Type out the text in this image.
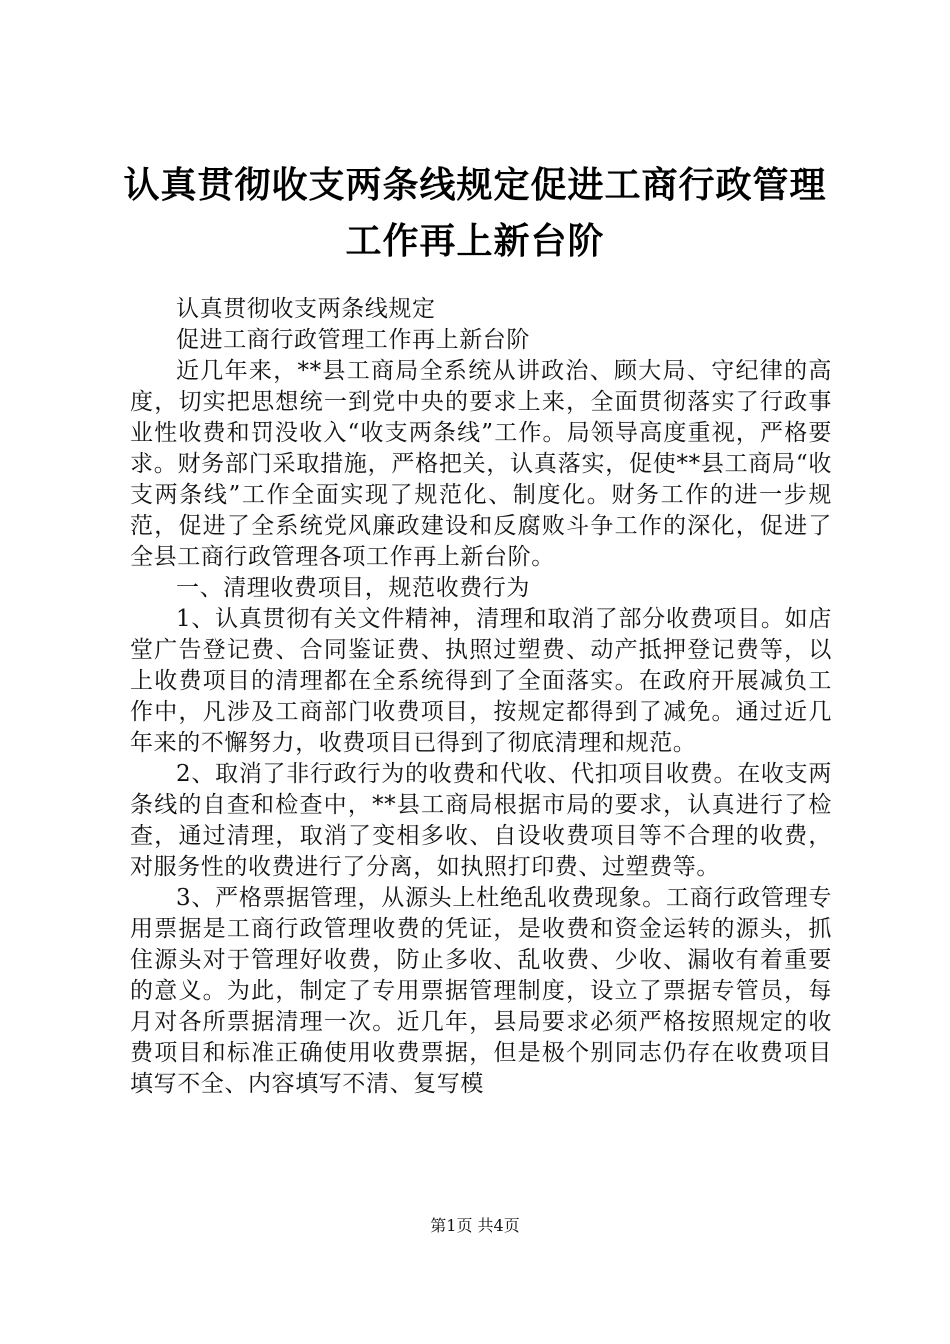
认真贯彻收支两条线规定促进工商行政管理工作再上新台阶

认真贯彻收支两条线规定

促进工商行政管理工作再上新台阶

近几年来，**县工商局全系统从讲政治、顾大局、守纪律的高度，切实把思想统一到党中央的要求上来，全面贯彻落实了行政事业性收费和罚没收入“收支两条线”工作。局领导高度重视，严格要求。财务部门采取措施，严格把关，认真落实，促使**县工商局“收支两条线”工作全面实现了规范化、制度化。财务工作的进一步规范，促进了全系统党风廉政建设和反腐败斗争工作的深化，促进了全县工商行政管理各项工作再上新台阶。

一、清理收费项目，规范收费行为

1、认真贯彻有关文件精神，清理和取消了部分收费项目。如店堂广告登记费、合同鉴证费、执照过塑费、动产抵押登记费等，以上收费项目的清理都在全系统得到了全面落实。在政府开展减负工作中，凡涉及工商部门收费项目，按规定都得到了减免。通过近几年来的不懈努力，收费项目已得到了彻底清理和规范。

2、取消了非行政行为的收费和代收、代扣项目收费。在收支两条线的自查和检查中，**县工商局根据市局的要求，认真进行了检查，通过清理，取消了变相多收、自设收费项目等不合理的收费，对服务性的收费进行了分离，如执照打印费、过塑费等。

3、严格票据管理，从源头上杜绝乱收费现象。工商行政管理专用票据是工商行政管理收费的凭证，是收费和资金运转的源头，抓住源头对于管理好收费，防止多收、乱收费、少收、漏收有着重要的意义。为此，制定了专用票据管理制度，设立了票据专管员，每月对各所票据清理一次。近几年，县局要求必须严格按照规定的收费项目和标准正确使用收费票据，但是极个别同志仍存在收费项目填写不全、内容填写不清、复写模

第1页 共4页
